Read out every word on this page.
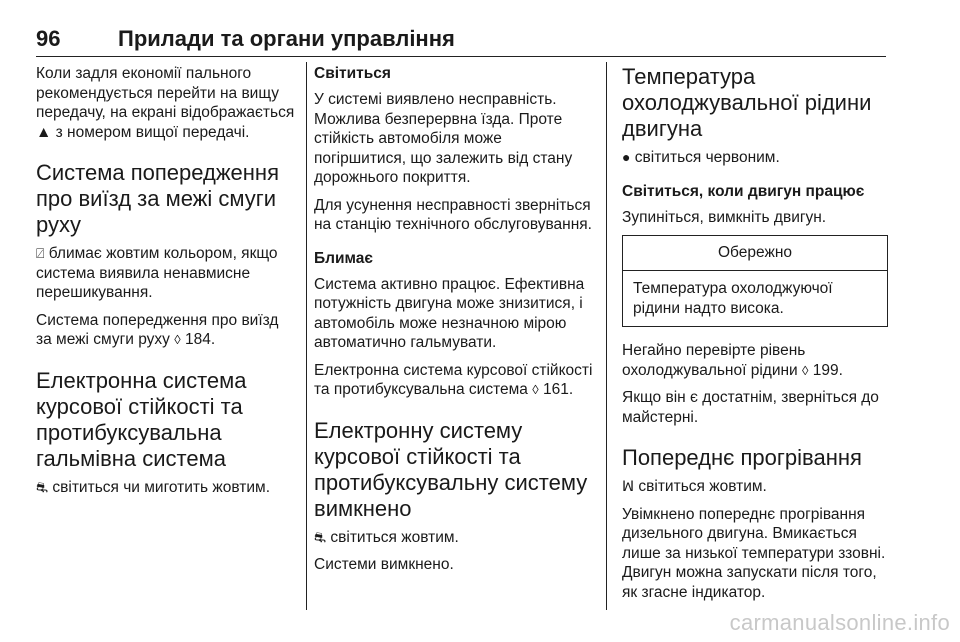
96	Прилади та органи управління

Коли задля економії пального рекомендується перейти на вищу передачу, на екрані відображається ▲ з номером вищої передачі.

Система попередження про виїзд за межі смуги руху

⍁ блимає жовтим кольором, якщо система виявила ненавмисне перешикування.

Система попередження про виїзд за межі смуги руху ◊ 184.

Електронна система курсової стійкості та протибуксувальна гальмівна система

⛐ світиться чи миготить жовтим.

Світиться

У системі виявлено несправність. Можлива безперервна їзда. Проте стійкість автомобіля може погіршитися, що залежить від стану дорожнього покриття.

Для усунення несправності зверніться на станцію технічного обслуговування.

Блимає

Система активно працює. Ефективна потужність двигуна може знизитися, і автомобіль може незначною мірою автоматично гальмувати.

Електронна система курсової стійкості та протибуксувальна система ◊ 161.

Електронну систему курсової стійкості та протибуксувальну систему вимкнено

⛐ світиться жовтим.

Системи вимкнено.

Температура охолоджувальної рідини двигуна

● світиться червоним.

Світиться, коли двигун працює

Зупиніться, вимкніть двигун.

Обережно
Температура охолоджуючої рідини надто висока.

Негайно перевірте рівень охолоджувальної рідини ◊ 199.

Якщо він є достатнім, зверніться до майстерні.

Попереднє прогрівання

ꟽ світиться жовтим.

Увімкнено попереднє прогрівання дизельного двигуна. Вмикається лише за низької температури ззовні. Двигун можна запускати після того, як згасне індикатор.

carmanualsonline.info
